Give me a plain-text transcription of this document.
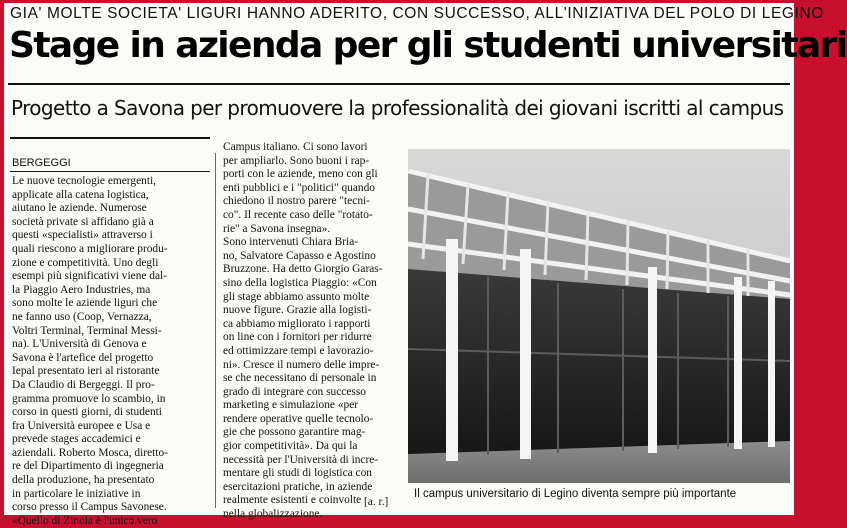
GIA' MOLTE SOCIETA' LIGURI HANNO ADERITO, CON SUCCESSO, ALL'INIZIATIVA DEL POLO DI LEGINO
Stage in azienda per gli studenti universitari
Progetto a Savona per promuovere la professionalità dei giovani iscritti al campus
BERGEGGI
Le nuove tecnologie emergenti,
applicate alla catena logistica,
aiutano le aziende. Numerose
società private si affidano già a
questi «specialisti» attraverso i
quali riescono a migliorare produ-
zione e competitività. Uno degli
esempi più significativi viene dal-
la Piaggio Aero Industries, ma
sono molte le aziende liguri che
ne fanno uso (Coop, Vernazza,
Voltri Terminal, Terminal Messi-
na). L'Università di Genova e
Savona è l'artefice del progetto
Iepal presentato ieri al ristorante
Da Claudio di Bergeggi. Il pro-
gramma promuove lo scambio, in
corso in questi giorni, di studenti
fra Università europee e Usa e
prevede stages accademici e
aziendali. Roberto Mosca, diretto-
re del Dipartimento di ingegneria
della produzione, ha presentato
in particolare le iniziative in
corso presso il Campus Savonese.
«Quello di Zinola è l'unico vero
Campus italiano. Ci sono lavori
per ampliarlo. Sono buoni i rap-
porti con le aziende, meno con gli
enti pubblici e i "politici" quando
chiedono il nostro parere "tecni-
co". Il recente caso delle "rotato-
rie" a Savona insegna».
Sono intervenuti Chiara Bria-
no, Salvatore Capasso e Agostino
Bruzzone. Ha detto Giorgio Garas-
sino della logistica Piaggio: «Con
gli stage abbiamo assunto molte
nuove figure. Grazie alla logisti-
ca abbiamo migliorato i rapporti
on line con i fornitori per ridurre
ed ottimizzare tempi e lavorazio-
ni». Cresce il numero delle impre-
se che necessitano di personale in
grado di integrare con successo
marketing e simulazione «per
rendere operative quelle tecnolo-
gie che possono garantire mag-
gior competitività». Da qui la
necessità per l'Università di incre-
mentare gli studi di logistica con
esercitazioni pratiche, in aziende
realmente esistenti e coinvolte
nella globalizzazione.
[a. r.]
Il campus universitario di Legino diventa sempre più importante
